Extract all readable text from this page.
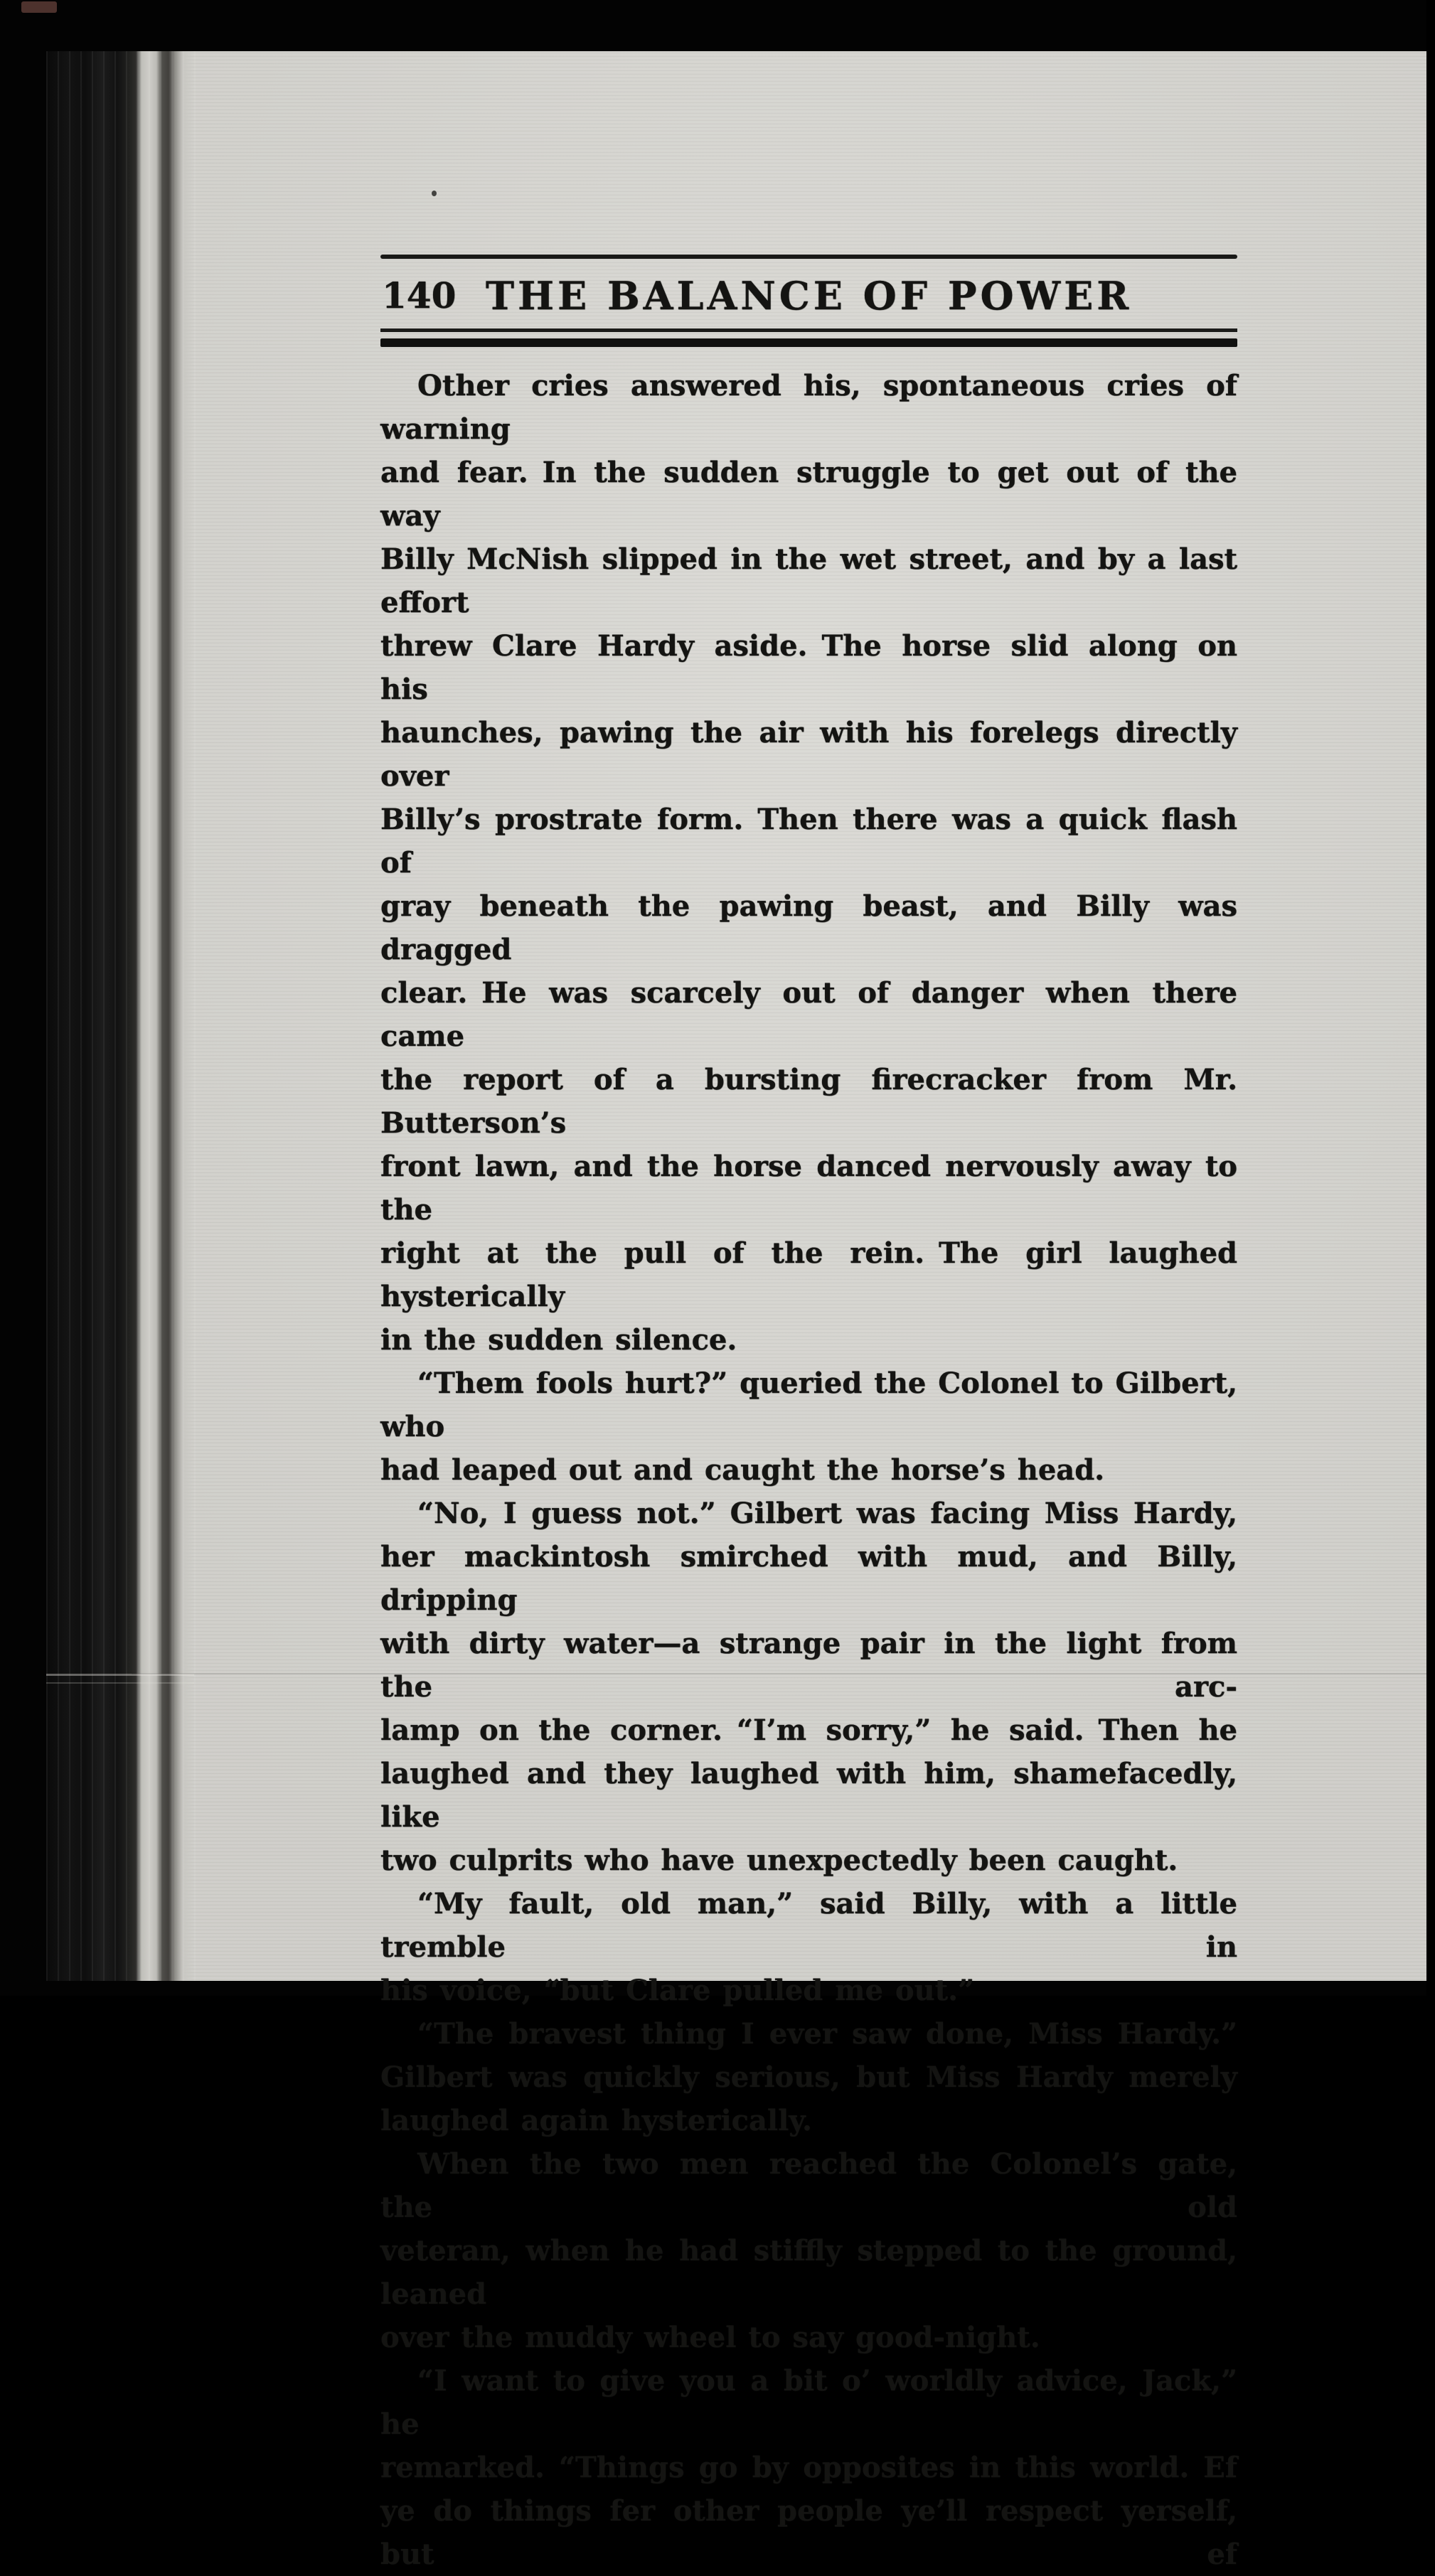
140 THE BALANCE OF POWER
Other cries answered his, spontaneous cries of warning
and fear. In the sudden struggle to get out of the way
Billy McNish slipped in the wet street, and by a last effort
threw Clare Hardy aside. The horse slid along on his
haunches, pawing the air with his forelegs directly over
Billy’s prostrate form. Then there was a quick flash of
gray beneath the pawing beast, and Billy was dragged
clear. He was scarcely out of danger when there came
the report of a bursting firecracker from Mr. Butterson’s
front lawn, and the horse danced nervously away to the
right at the pull of the rein. The girl laughed hysterically
in the sudden silence.
“Them fools hurt?” queried the Colonel to Gilbert, who
had leaped out and caught the horse’s head.
“No, I guess not.” Gilbert was facing Miss Hardy,
her mackintosh smirched with mud, and Billy, dripping
with dirty water—a strange pair in the light from the arc-
lamp on the corner. “I’m sorry,” he said. Then he
laughed and they laughed with him, shamefacedly, like
two culprits who have unexpectedly been caught.
“My fault, old man,” said Billy, with a little tremble in
his voice, “but Clare pulled me out.”
“The bravest thing I ever saw done, Miss Hardy.”
Gilbert was quickly serious, but Miss Hardy merely
laughed again hysterically.
When the two men reached the Colonel’s gate, the old
veteran, when he had stiffly stepped to the ground, leaned
over the muddy wheel to say good-night.
“I want to give you a bit o’ worldly advice, Jack,” he
remarked. “Things go by opposites in this world. Ef
ye do things fer other people ye’ll respect yerself, but ef
